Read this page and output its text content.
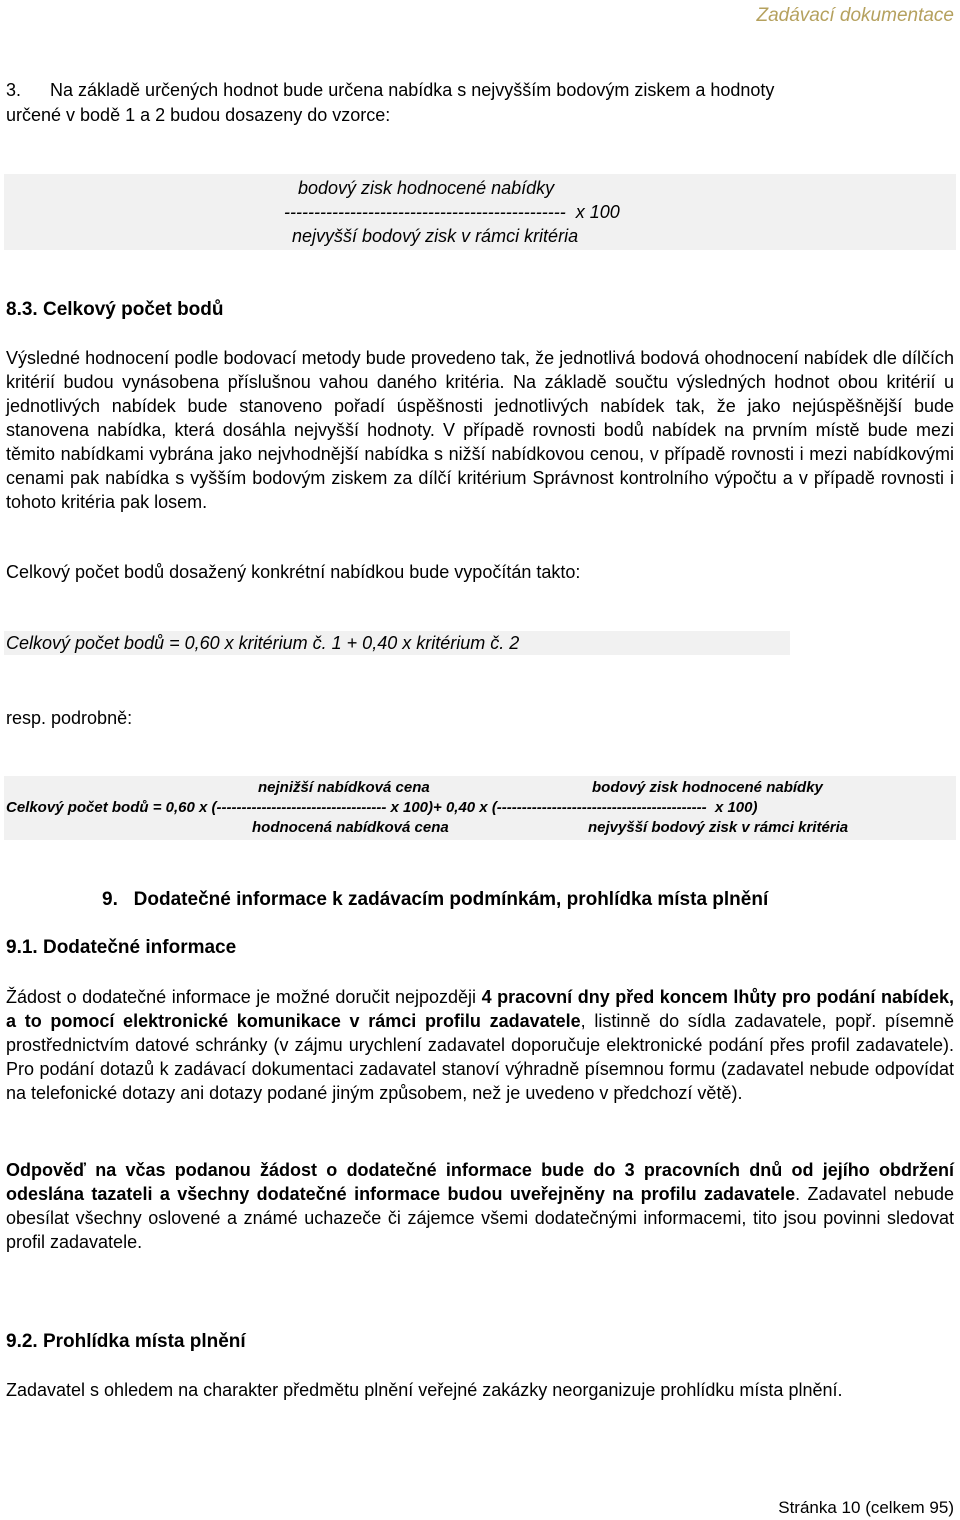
Zadávací dokumentace
3. Na základě určených hodnot bude určena nabídka s nejvyšším bodovým ziskem a hodnoty
určené v bodě 1 a 2 budou dosazeny do vzorce:
bodový zisk hodnocené nabídky
-----------------------------------------------  x 100
nejvyšší bodový zisk v rámci kritéria
8.3. Celkový počet bodů
Výsledné hodnocení podle bodovací metody bude provedeno tak, že jednotlivá bodová ohodnocení nabídek dle dílčích kritérií budou vynásobena příslušnou vahou daného kritéria. Na základě součtu výsledných hodnot obou kritérií u jednotlivých nabídek bude stanoveno pořadí úspěšnosti jednotlivých nabídek tak, že jako nejúspěšnější bude stanovena nabídka, která dosáhla nejvyšší hodnoty. V případě rovnosti bodů nabídek na prvním místě bude mezi těmito nabídkami vybrána jako nejvhodnější nabídka s nižší nabídkovou cenou, v případě rovnosti i mezi nabídkovými cenami pak nabídka s vyšším bodovým ziskem za dílčí kritérium Správnost kontrolního výpočtu a v případě rovnosti i tohoto kritéria pak losem.
Celkový počet bodů dosažený konkrétní nabídkou bude vypočítán takto:
Celkový počet bodů = 0,60 x kritérium č. 1 + 0,40 x kritérium č. 2
resp. podrobně:
nejnižší nabídková cena	bodový zisk hodnocené nabídky
Celkový počet bodů = 0,60 x (---------------------------------- x 100)+ 0,40 x (------------------------------------------  x 100)
hodnocená nabídková cena	nejvyšší bodový zisk v rámci kritéria
9.   Dodatečné informace k zadávacím podmínkám, prohlídka místa plnění
9.1. Dodatečné informace
Žádost o dodatečné informace je možné doručit nejpozději 4 pracovní dny před koncem lhůty pro podání nabídek, a to pomocí elektronické komunikace v rámci profilu zadavatele, listinně do sídla zadavatele, popř. písemně prostřednictvím datové schránky (v zájmu urychlení zadavatel doporučuje elektronické podání přes profil zadavatele). Pro podání dotazů k zadávací dokumentaci zadavatel stanoví výhradně písemnou formu (zadavatel nebude odpovídat na telefonické dotazy ani dotazy podané jiným způsobem, než je uvedeno v předchozí větě).
Odpověď na včas podanou žádost o dodatečné informace bude do 3 pracovních dnů od jejího obdržení odeslána tazateli a všechny dodatečné informace budou uveřejněny na profilu zadavatele. Zadavatel nebude obesílat všechny oslovené a známé uchazeče či zájemce všemi dodatečnými informacemi, tito jsou povinni sledovat profil zadavatele.
9.2. Prohlídka místa plnění
Zadavatel s ohledem na charakter předmětu plnění veřejné zakázky neorganizuje prohlídku místa plnění.
Stránka 10 (celkem 95)
